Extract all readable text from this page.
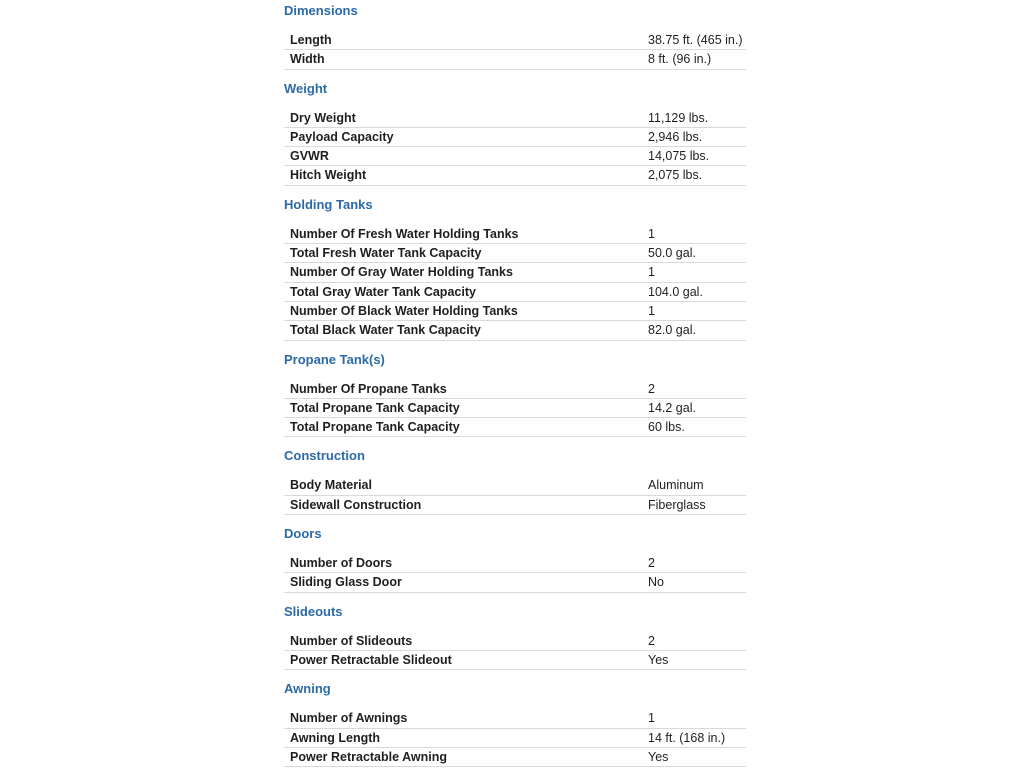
Dimensions
Length	38.75 ft. (465 in.)
Width	8 ft. (96 in.)
Weight
Dry Weight	11,129 lbs.
Payload Capacity	2,946 lbs.
GVWR	14,075 lbs.
Hitch Weight	2,075 lbs.
Holding Tanks
Number Of Fresh Water Holding Tanks	1
Total Fresh Water Tank Capacity	50.0 gal.
Number Of Gray Water Holding Tanks	1
Total Gray Water Tank Capacity	104.0 gal.
Number Of Black Water Holding Tanks	1
Total Black Water Tank Capacity	82.0 gal.
Propane Tank(s)
Number Of Propane Tanks	2
Total Propane Tank Capacity	14.2 gal.
Total Propane Tank Capacity	60 lbs.
Construction
Body Material	Aluminum
Sidewall Construction	Fiberglass
Doors
Number of Doors	2
Sliding Glass Door	No
Slideouts
Number of Slideouts	2
Power Retractable Slideout	Yes
Awning
Number of Awnings	1
Awning Length	14 ft. (168 in.)
Power Retractable Awning	Yes
